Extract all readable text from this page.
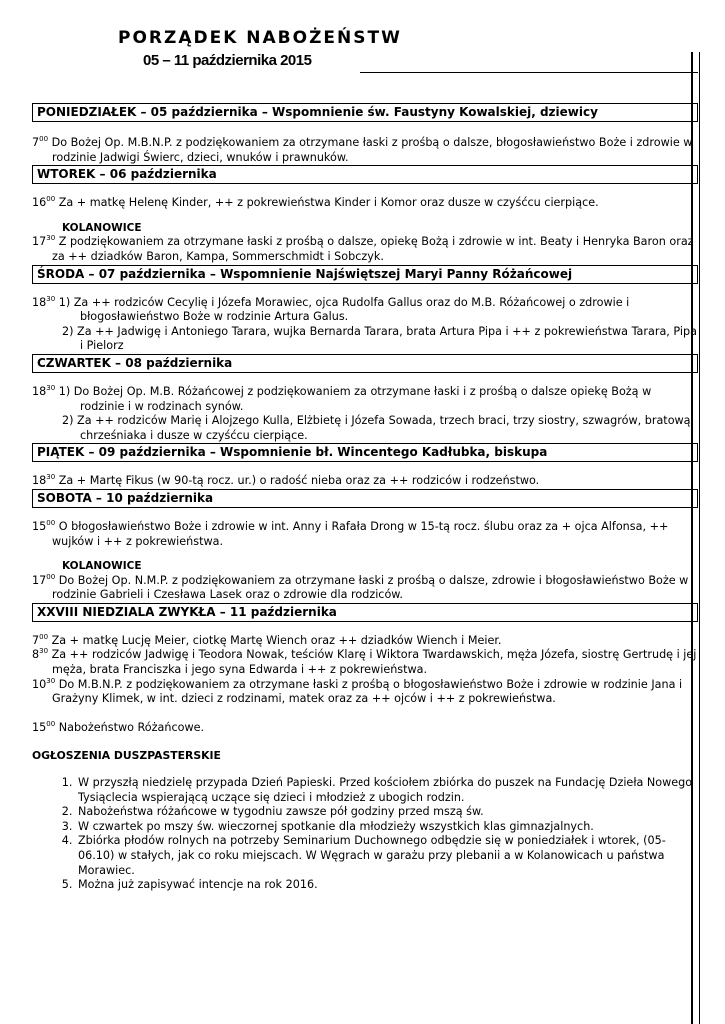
PORZĄDEK NABOŻEŃSTW
05 – 11 października 2015
PONIEDZIAŁEK – 05 października – Wspomnienie św. Faustyny Kowalskiej, dziewicy
$7^{00}$ Do Bożej Op. M.B.N.P. z podziękowaniem za otrzymane łaski z prośbą o dalsze, błogosławieństwo Boże i zdrowie w rodzinie Jadwigi Świerc, dzieci, wnuków i prawnuków.
WTOREK – 06 października
$16^{00}$ Za + matkę Helenę Kinder, ++ z pokrewieństwa Kinder i Komor oraz dusze w czyśćcu cierpiące.
KOLANOWICE
$17^{30}$ Z podziękowaniem za otrzymane łaski z prośbą o dalsze, opiekę Bożą i zdrowie w int. Beaty i Henryka Baron oraz za ++ dziadków Baron, Kampa, Sommerschmidt i Sobczyk.
ŚRODA – 07 października – Wspomnienie Najświętszej Maryi Panny Różańcowej
$18^{30}$ 1) Za ++ rodziców Cecylię i Józefa Morawiec, ojca Rudolfa Gallus oraz do M.B. Różańcowej o zdrowie i błogosławieństwo Boże w rodzinie Artura Galus.
2) Za ++ Jadwigę i Antoniego Tarara, wujka Bernarda Tarara, brata Artura Pipa i ++ z pokrewieństwa Tarara, Pipa i Pielorz
CZWARTEK – 08 października
$18^{30}$ 1) Do Bożej Op. M.B. Różańcowej z podziękowaniem za otrzymane łaski i z prośbą o dalsze opiekę Bożą w rodzinie i w rodzinach synów.
2) Za ++ rodziców Marię i Alojzego Kulla, Elżbietę i Józefa Sowada, trzech braci, trzy siostry, szwagrów, bratową, chrześniaka i dusze w czyśćcu cierpiące.
PIĄTEK – 09 października – Wspomnienie bł. Wincentego Kadłubka, biskupa
$18^{30}$ Za + Martę Fikus (w 90-tą rocz. ur.) o radość nieba oraz za ++ rodziców i rodzeństwo.
SOBOTA – 10 października
$15^{00}$ O błogosławieństwo Boże i zdrowie w int. Anny i Rafała Drong w 15-tą rocz. ślubu oraz za + ojca Alfonsa, ++ wujków i ++ z pokrewieństwa.
KOLANOWICE
$17^{00}$ Do Bożej Op. N.M.P. z podziękowaniem za otrzymane łaski z prośbą o dalsze, zdrowie i błogosławieństwo Boże w rodzinie Gabrieli i Czesława Lasek oraz o zdrowie dla rodziców.
XXVIII NIEDZIALA ZWYKŁA – 11 października
$7^{00}$ Za + matkę Lucję Meier, ciotkę Martę Wiench oraz ++ dziadków Wiench i Meier.
$8^{30}$ Za ++ rodziców Jadwigę i Teodora Nowak, teściów Klarę i Wiktora Twardawskich, męża Józefa, siostrę Gertrudę i jej męża, brata Franciszka i jego syna Edwarda i ++ z pokrewieństwa.
$10^{30}$ Do M.B.N.P. z podziękowaniem za otrzymane łaski z prośbą o błogosławieństwo Boże i zdrowie w rodzinie Jana i Grażyny Klimek, w int. dzieci z rodzinami, matek oraz za ++ ojców i ++ z pokrewieństwa.
$15^{00}$ Nabożeństwo Różańcowe.
OGŁOSZENIA DUSZPASTERSKIE
1. W przyszłą niedzielę przypada Dzień Papieski. Przed kościołem zbiórka do puszek na Fundację Dzieła Nowego Tysiąclecia wspierającą uczące się dzieci i młodzież z ubogich rodzin.
2. Nabożeństwa różańcowe w tygodniu zawsze pół godziny przed mszą św.
3. W czwartek po mszy św. wieczornej spotkanie dla młodzieży wszystkich klas gimnazjalnych.
4. Zbiórka płodów rolnych na potrzeby Seminarium Duchownego odbędzie się w poniedziałek i wtorek, (05-06.10) w stałych, jak co roku miejscach. W Węgrach w garażu przy plebanii a w Kolanowicach u państwa Morawiec.
5. Można już zapisywać intencje na rok 2016.
